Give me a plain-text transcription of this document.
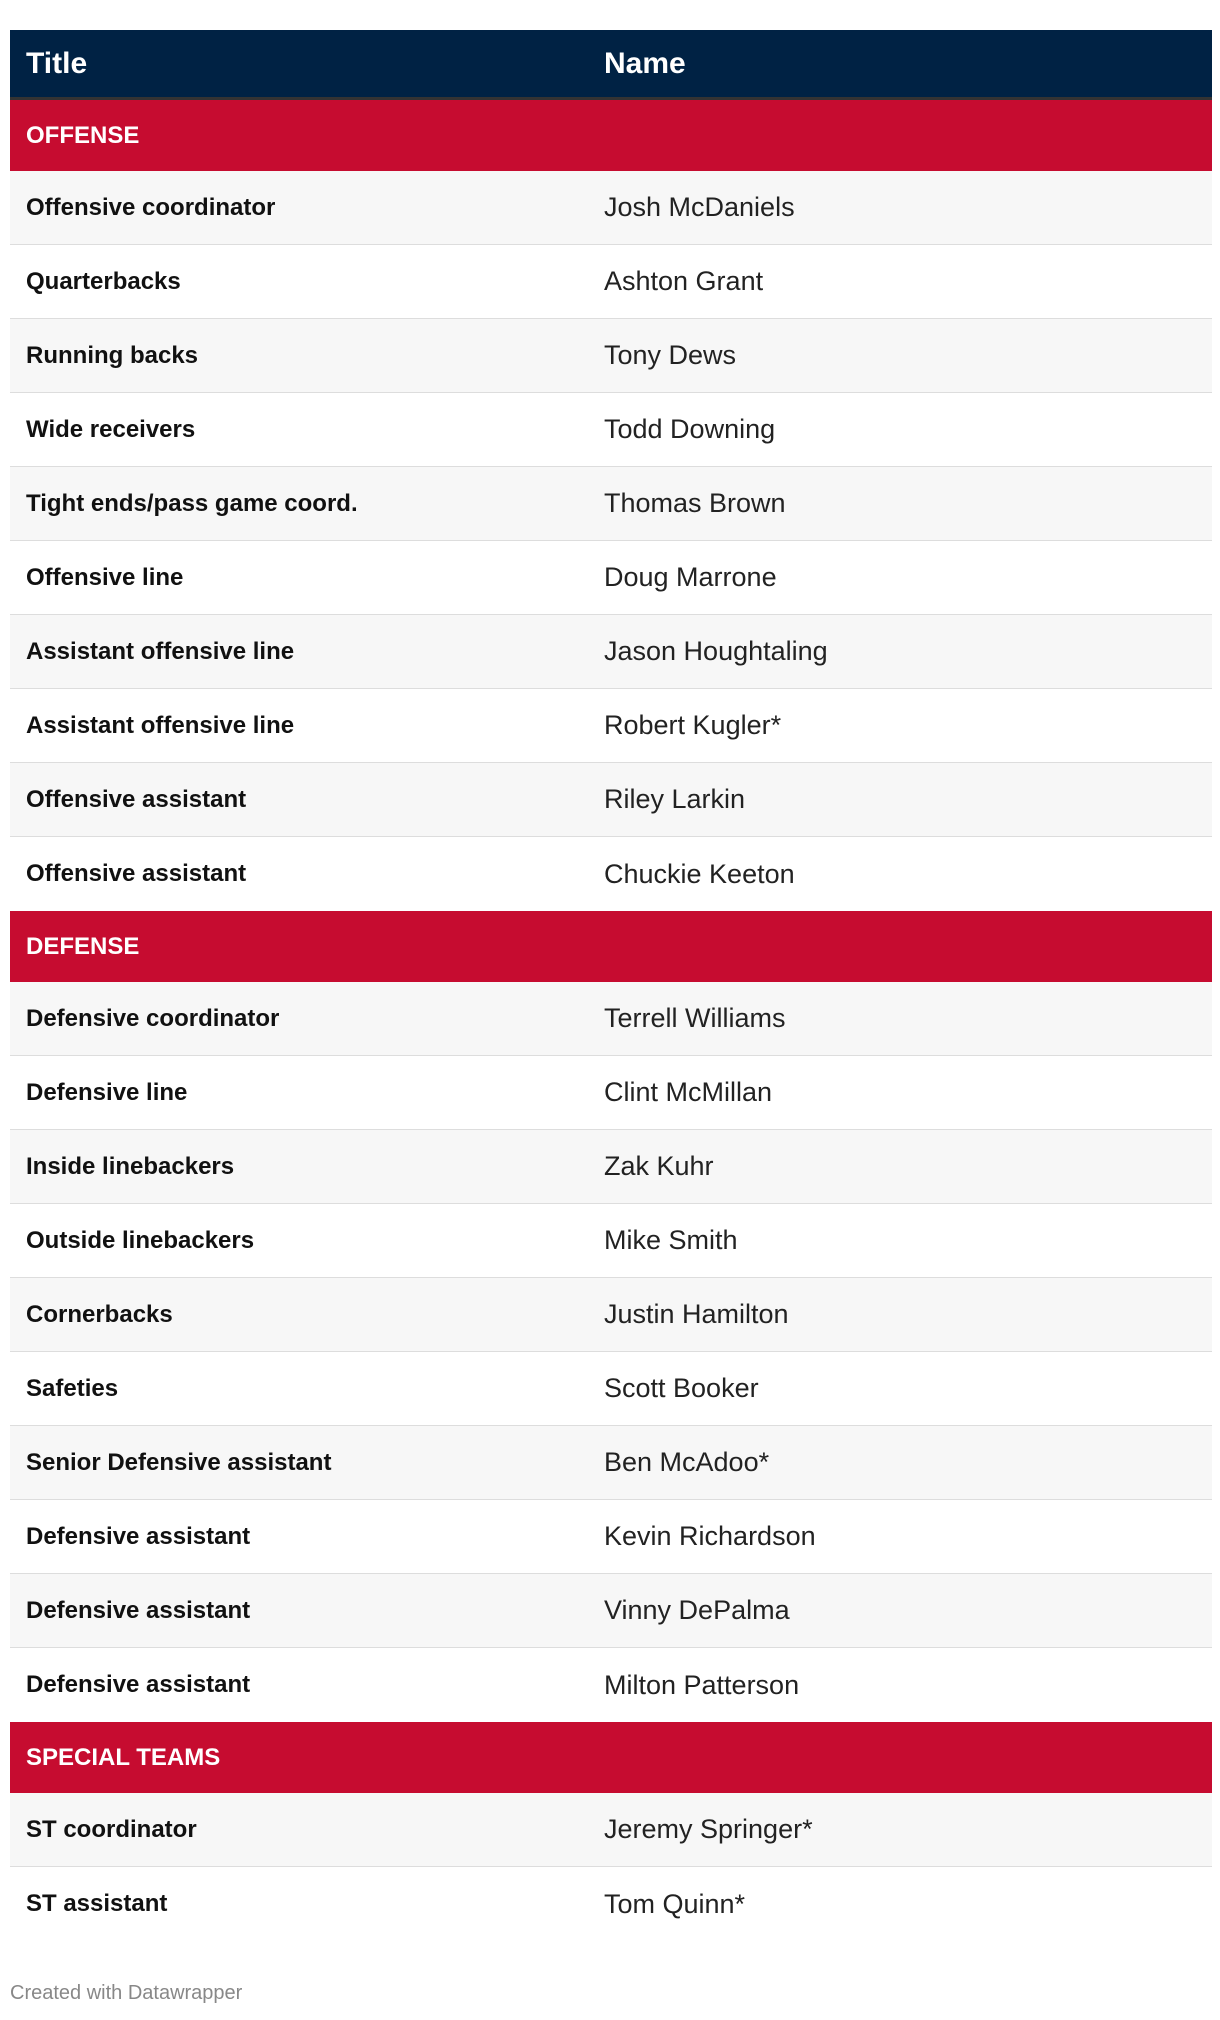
Title	Name
OFFENSE
Offensive coordinator	Josh McDaniels
Quarterbacks	Ashton Grant
Running backs	Tony Dews
Wide receivers	Todd Downing
Tight ends/pass game coord.	Thomas Brown
Offensive line	Doug Marrone
Assistant offensive line	Jason Houghtaling
Assistant offensive line	Robert Kugler*
Offensive assistant	Riley Larkin
Offensive assistant	Chuckie Keeton
DEFENSE
Defensive coordinator	Terrell Williams
Defensive line	Clint McMillan
Inside linebackers	Zak Kuhr
Outside linebackers	Mike Smith
Cornerbacks	Justin Hamilton
Safeties	Scott Booker
Senior Defensive assistant	Ben McAdoo*
Defensive assistant	Kevin Richardson
Defensive assistant	Vinny DePalma
Defensive assistant	Milton Patterson
SPECIAL TEAMS
ST coordinator	Jeremy Springer*
ST assistant	Tom Quinn*
Created with Datawrapper
